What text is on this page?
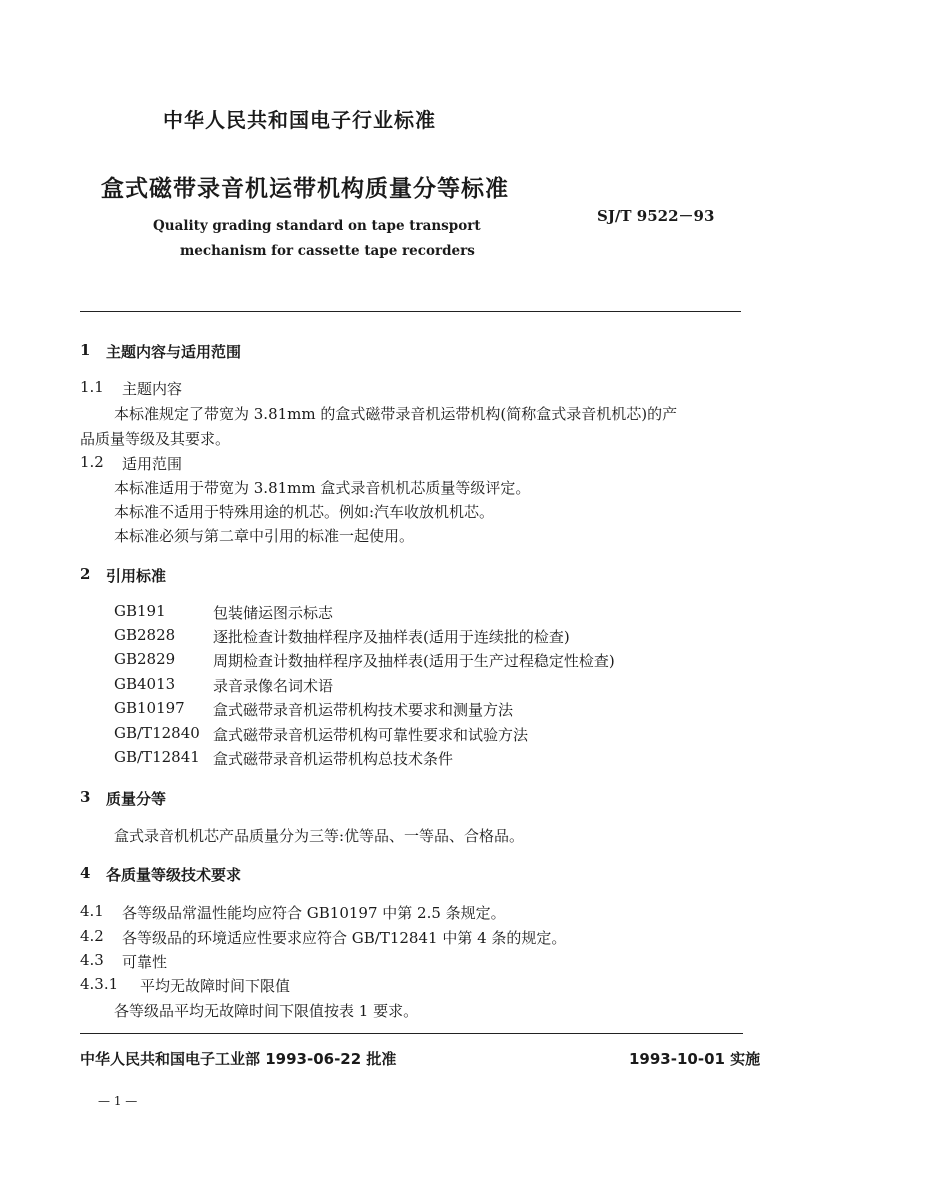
中华人民共和国电子行业标准
盒式磁带录音机运带机构质量分等标准
SJ/T 9522－93
Quality grading standard on tape transport
mechanism for cassette tape recorders
1 主题内容与适用范围
1.1 主题内容
本标准规定了带宽为 3.81mm 的盒式磁带录音机运带机构(简称盒式录音机机芯)的产
品质量等级及其要求。
1.2 适用范围
本标准适用于带宽为 3.81mm 盒式录音机机芯质量等级评定。
本标准不适用于特殊用途的机芯。例如:汽车收放机机芯。
本标准必须与第二章中引用的标准一起使用。
2 引用标准
GB191	包装储运图示标志
GB2828	逐批检查计数抽样程序及抽样表(适用于连续批的检查)
GB2829	周期检查计数抽样程序及抽样表(适用于生产过程稳定性检查)
GB4013	录音录像名词术语
GB10197 盒式磁带录音机运带机构技术要求和测量方法
GB/T12840 盒式磁带录音机运带机构可靠性要求和试验方法
GB/T12841 盒式磁带录音机运带机构总技术条件
3 质量分等
盒式录音机机芯产品质量分为三等:优等品、一等品、合格品。
4 各质量等级技术要求
4.1 各等级品常温性能均应符合 GB10197 中第 2.5 条规定。
4.2 各等级品的环境适应性要求应符合 GB/T12841 中第 4 条的规定。
4.3 可靠性
4.3.1 平均无故障时间下限值
各等级品平均无故障时间下限值按表 1 要求。
中华人民共和国电子工业部 1993-06-22 批准	1993-10-01 实施
— 1 —
